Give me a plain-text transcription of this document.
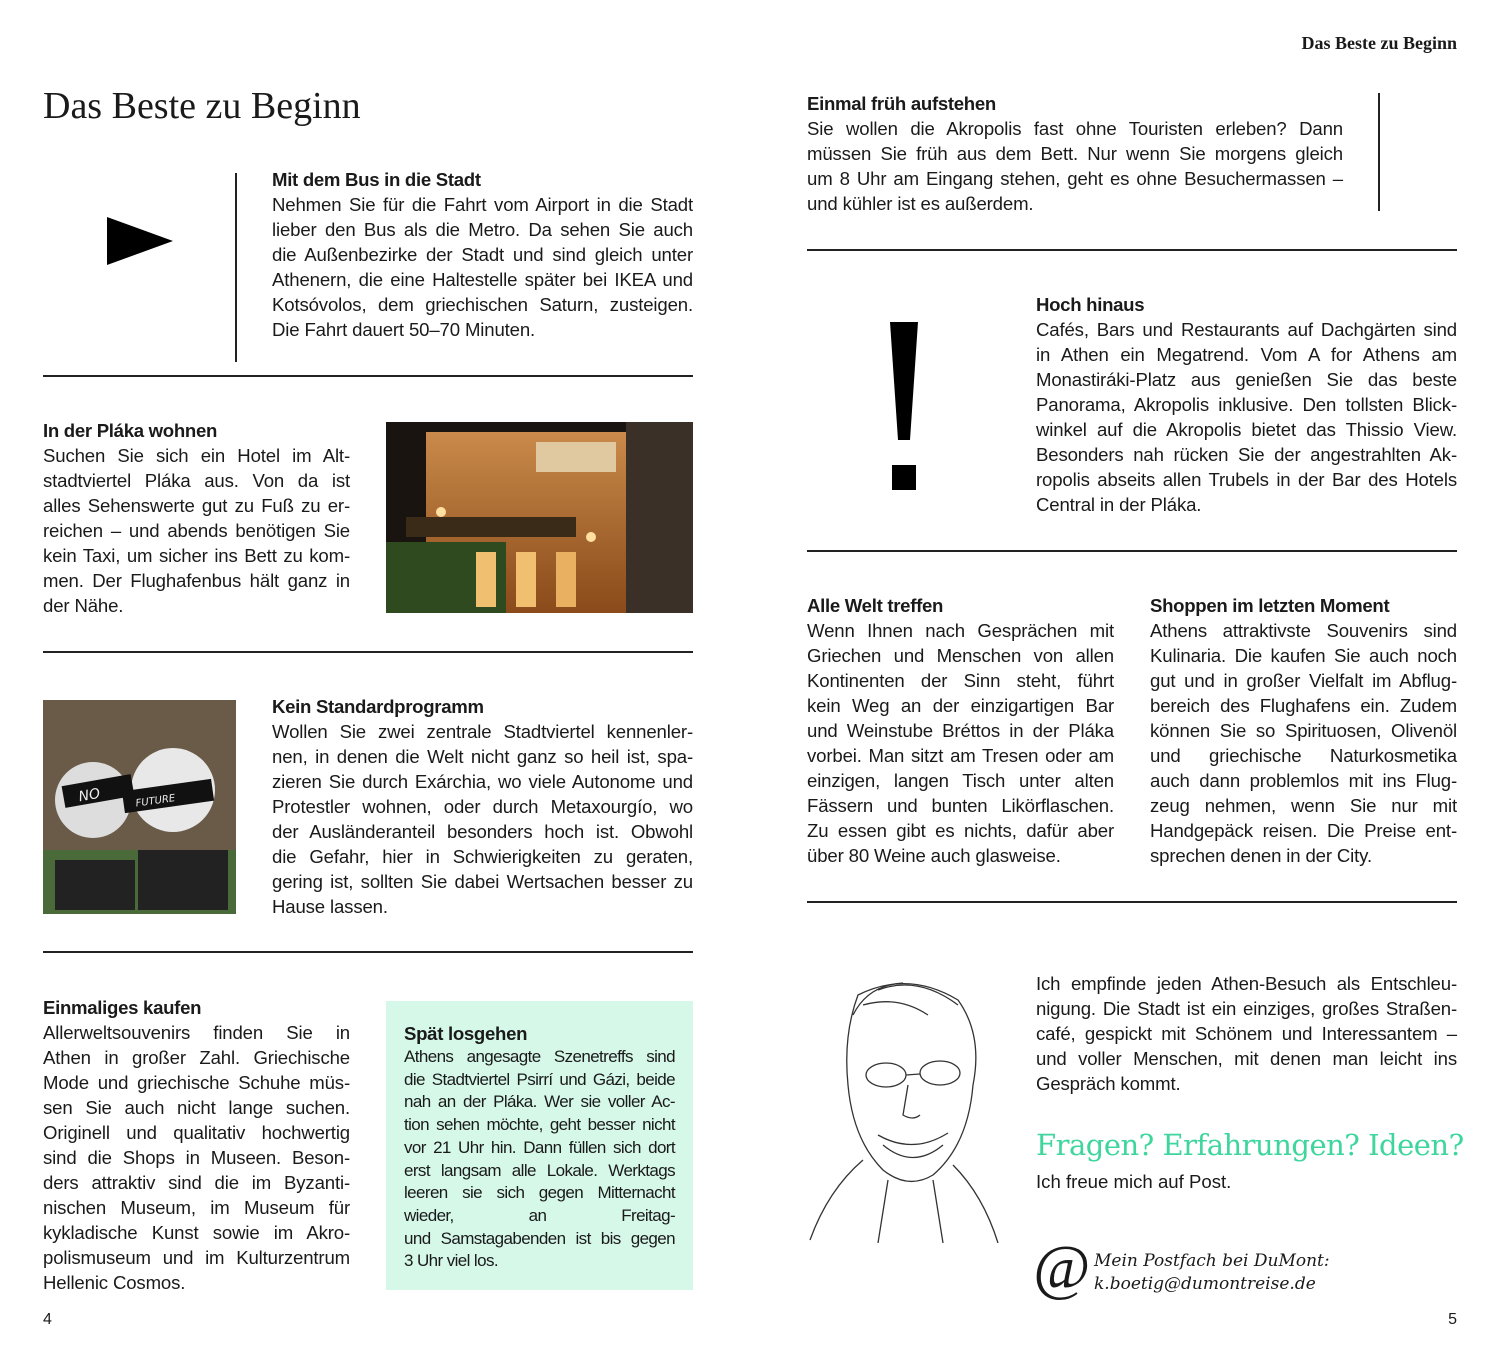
Das Beste zu Beginn
Das Beste zu Beginn
Mit dem Bus in die Stadt
Nehmen Sie für die Fahrt vom Airport in die Stadt
lieber den Bus als die Metro. Da sehen Sie auch
die Außenbezirke der Stadt und sind gleich unter
Athenern, die eine Haltestelle später bei IKEA und
Kotsóvolos, dem griechischen Saturn, zusteigen.
Die Fahrt dauert 50–70 Minuten.
In der Pláka wohnen
Suchen Sie sich ein Hotel im Alt-
stadtviertel Pláka aus. Von da ist
alles Sehenswerte gut zu Fuß zu er-
reichen – und abends benötigen Sie
kein Taxi, um sicher ins Bett zu kom-
men. Der Flughafenbus hält ganz in
der Nähe.
NO	FUTURE
Kein Standardprogramm
Wollen Sie zwei zentrale Stadtviertel kennenler-
nen, in denen die Welt nicht ganz so heil ist, spa-
zieren Sie durch Exárchia, wo viele Autonome und
Protestler wohnen, oder durch Metaxourgío, wo
der Ausländeranteil besonders hoch ist. Obwohl
die Gefahr, hier in Schwierigkeiten zu geraten,
gering ist, sollten Sie dabei Wertsachen besser zu
Hause lassen.
Einmaliges kaufen
Allerweltsouvenirs finden Sie in
Athen in großer Zahl. Griechische
Mode und griechische Schuhe müs-
sen Sie auch nicht lange suchen.
Originell und qualitativ hochwertig
sind die Shops in Museen. Beson-
ders attraktiv sind die im Byzanti-
nischen Museum, im Museum für
kykladische Kunst sowie im Akro-
polismuseum und im Kulturzentrum
Hellenic Cosmos.
Spät losgehen
Athens angesagte Szenetreffs sind
die Stadtviertel Psirrí und Gázi, beide
nah an der Pláka. Wer sie voller Ac-
tion sehen möchte, geht besser nicht
vor 21 Uhr hin. Dann füllen sich dort
erst langsam alle Lokale. Werktags
leeren sie sich gegen Mitternacht
wieder, an Freitag-
und Samstagabenden ist bis gegen
3 Uhr viel los.
4
Einmal früh aufstehen
Sie wollen die Akropolis fast ohne Touristen erleben? Dann
müssen Sie früh aus dem Bett. Nur wenn Sie morgens gleich
um 8 Uhr am Eingang stehen, geht es ohne Besuchermassen –
und kühler ist es außerdem.
Hoch hinaus
Cafés, Bars und Restaurants auf Dachgärten sind
in Athen ein Megatrend. Vom A for Athens am
Monastiráki-Platz aus genießen Sie das beste
Panorama, Akropolis inklusive. Den tollsten Blick-
winkel auf die Akropolis bietet das Thissio View.
Besonders nah rücken Sie der angestrahlten Ak-
ropolis abseits allen Trubels in der Bar des Hotels
Central in der Pláka.
Alle Welt treffen
Wenn Ihnen nach Gesprächen mit
Griechen und Menschen von allen
Kontinenten der Sinn steht, führt
kein Weg an der einzigartigen Bar
und Weinstube Bréttos in der Pláka
vorbei. Man sitzt am Tresen oder am
einzigen, langen Tisch unter alten
Fässern und bunten Likörflaschen.
Zu essen gibt es nichts, dafür aber
über 80 Weine auch glasweise.
Shoppen im letzten Moment
Athens attraktivste Souvenirs sind
Kulinaria. Die kaufen Sie auch noch
gut und in großer Vielfalt im Abflug-
bereich des Flughafens ein. Zudem
können Sie so Spirituosen, Olivenöl
und griechische Naturkosmetika
auch dann problemlos mit ins Flug-
zeug nehmen, wenn Sie nur mit
Handgepäck reisen. Die Preise ent-
sprechen denen in der City.
Ich empfinde jeden Athen-Besuch als Entschleu-
nigung. Die Stadt ist ein einziges, großes Straßen-
café, gespickt mit Schönem und Interessantem –
und voller Menschen, mit denen man leicht ins
Gespräch kommt.
Fragen? Erfahrungen? Ideen?
Ich freue mich auf Post.
@ Mein Postfach bei DuMont:
k.boetig@dumontreise.de
5
